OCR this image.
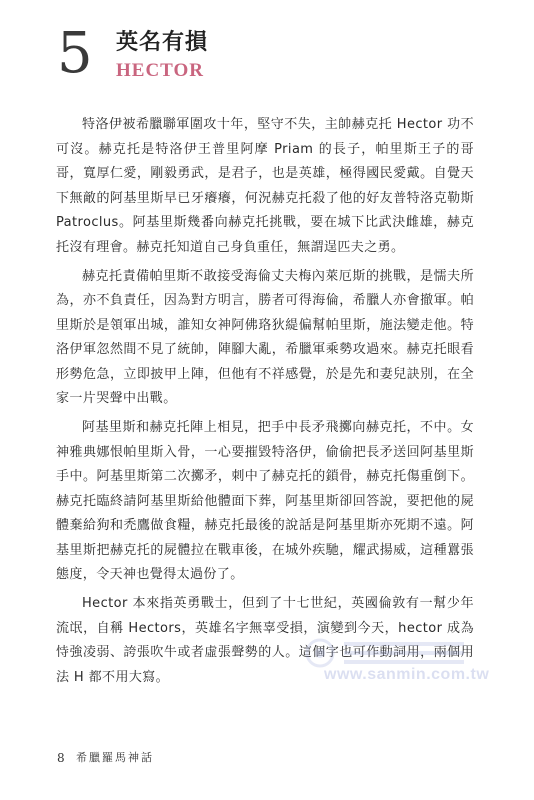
5 英名有損
HECTOR

特洛伊被希臘聯軍圍攻十年，堅守不失，主帥赫克托 Hector 功不可沒。赫克托是特洛伊王普里阿摩 Priam 的長子，帕里斯王子的哥哥，寬厚仁愛，剛毅勇武，是君子，也是英雄，極得國民愛戴。自覺天下無敵的阿基里斯早已牙癢癢，何況赫克托殺了他的好友普特洛克勒斯 Patroclus。阿基里斯幾番向赫克托挑戰，要在城下比武決雌雄，赫克托沒有理會。赫克托知道自己身負重任，無謂逞匹夫之勇。

赫克托責備帕里斯不敢接受海倫丈夫梅內萊厄斯的挑戰，是懦夫所為，亦不負責任，因為對方明言，勝者可得海倫，希臘人亦會撤軍。帕里斯於是領軍出城，誰知女神阿佛珞狄緹偏幫帕里斯，施法變走他。特洛伊軍忽然間不見了統帥，陣腳大亂，希臘軍乘勢攻過來。赫克托眼看形勢危急，立即披甲上陣，但他有不祥感覺，於是先和妻兒訣別，在全家一片哭聲中出戰。

阿基里斯和赫克托陣上相見，把手中長矛飛擲向赫克托，不中。女神雅典娜恨帕里斯入骨，一心要摧毀特洛伊，偷偷把長矛送回阿基里斯手中。阿基里斯第二次擲矛，刺中了赫克托的鎖骨，赫克托傷重倒下。赫克托臨終請阿基里斯給他體面下葬，阿基里斯卻回答說，要把他的屍體棄給狗和禿鷹做食糧，赫克托最後的說話是阿基里斯亦死期不遠。阿基里斯把赫克托的屍體拉在戰車後，在城外疾馳，耀武揚威，這種囂張態度，令天神也覺得太過份了。

Hector 本來指英勇戰士，但到了十七世紀，英國倫敦有一幫少年流氓，自稱 Hectors，英雄名字無辜受損，演變到今天，hector 成為恃強凌弱、誇張吹牛或者虛張聲勢的人。這個字也可作動詞用，兩個用法 H 都不用大寫。	www.sanmin.com.tw
8 希臘羅馬神話
